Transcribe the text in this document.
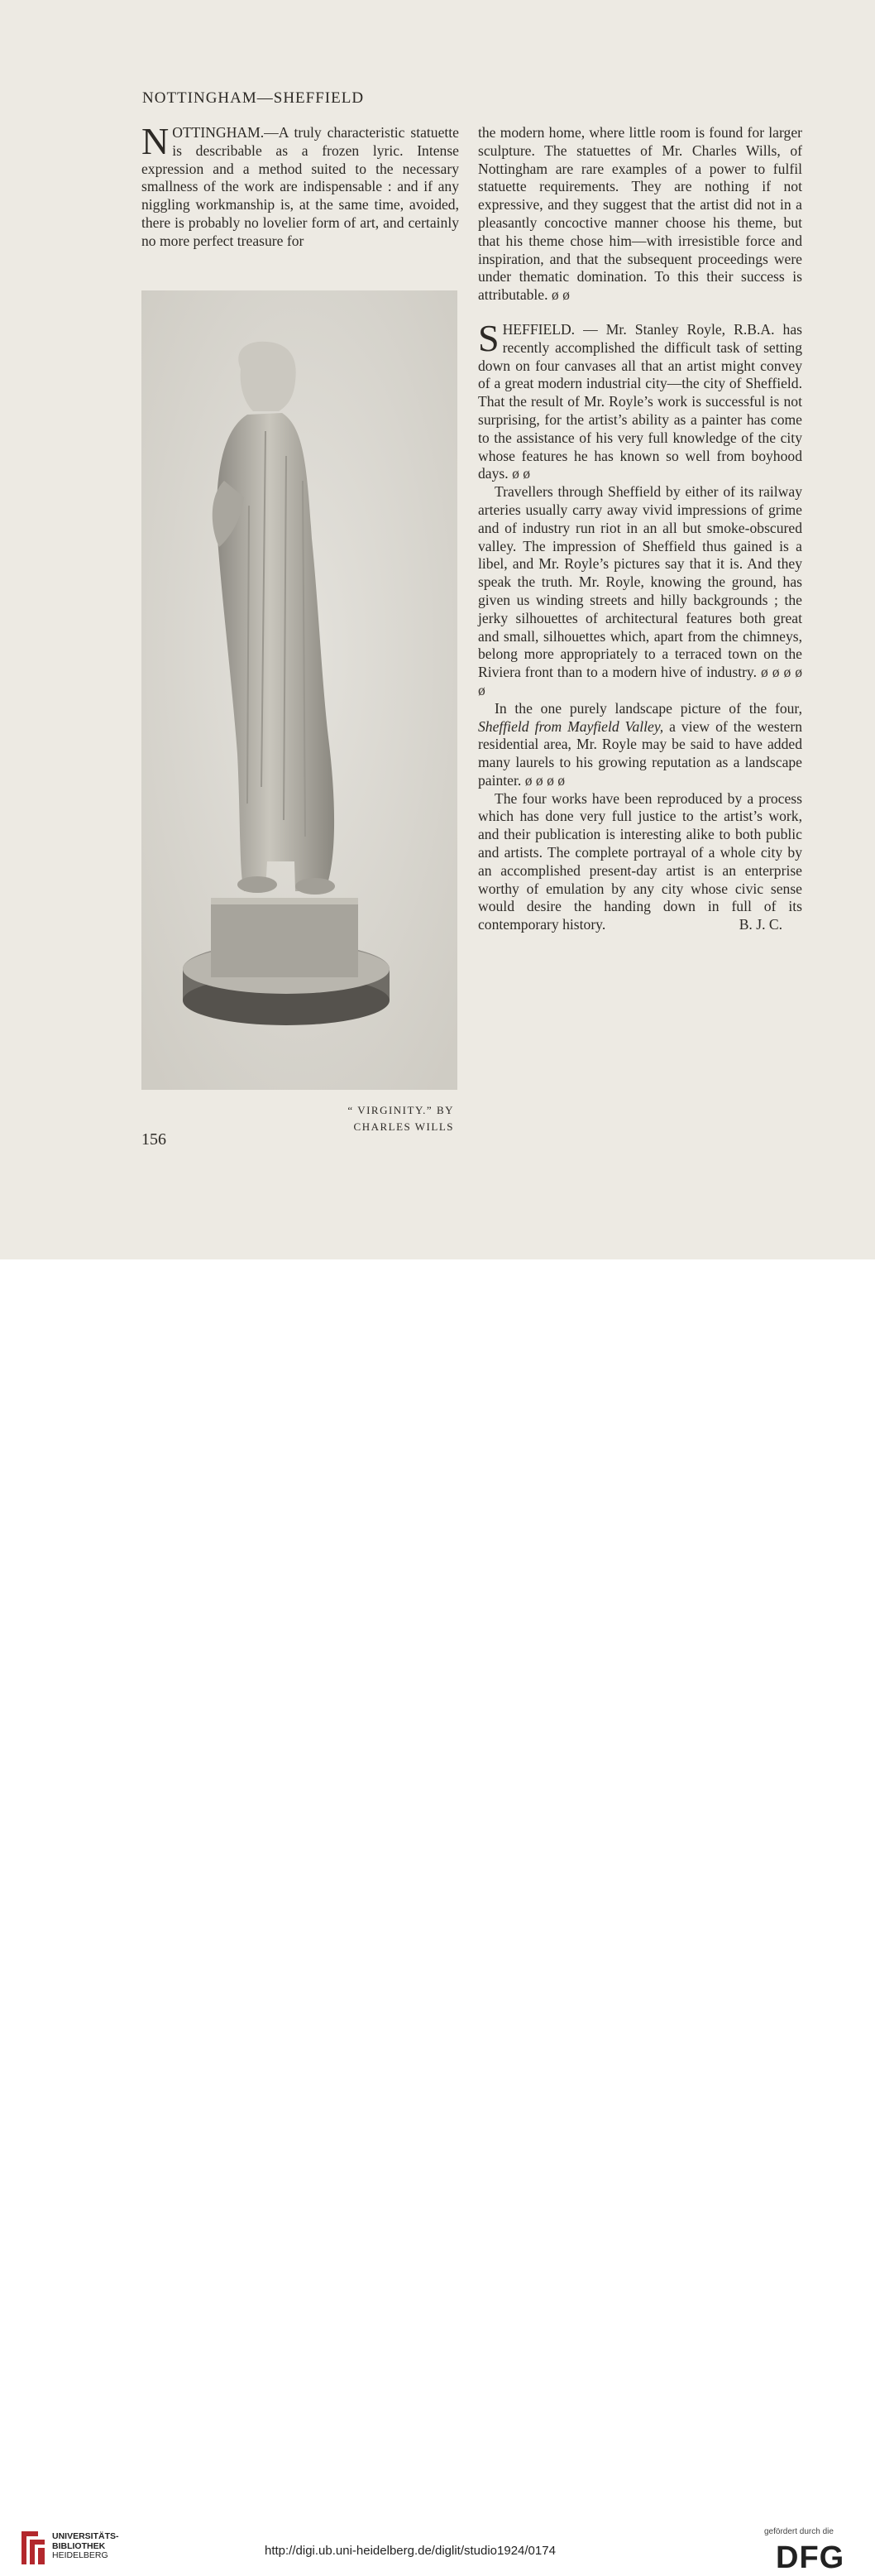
NOTTINGHAM—SHEFFIELD

NOTTINGHAM.—A truly characteristic statuette is describable as a frozen lyric. Intense expression and a method suited to the necessary smallness of the work are indispensable : and if any niggling workmanship is, at the same time, avoided, there is probably no lovelier form of art, and certainly no more perfect treasure for

“ VIRGINITY.” BY
CHARLES WILLS
156

the modern home, where little room is found for larger sculpture. The statuettes of Mr. Charles Wills, of Nottingham are rare examples of a power to fulfil statuette requirements. They are nothing if not expressive, and they suggest that the artist did not in a pleasantly concoctive manner choose his theme, but that his theme chose him—with irresistible force and inspiration, and that the subsequent proceedings were under thematic domination. To this their success is attributable. ø ø

SHEFFIELD. — Mr. Stanley Royle, R.B.A. has recently accomplished the difficult task of setting down on four canvases all that an artist might convey of a great modern industrial city—the city of Sheffield. That the result of Mr. Royle’s work is successful is not surprising, for the artist’s ability as a painter has come to the assistance of his very full knowledge of the city whose features he has known so well from boyhood days. ø ø

Travellers through Sheffield by either of its railway arteries usually carry away vivid impressions of grime and of industry run riot in an all but smoke-obscured valley. The impression of Sheffield thus gained is a libel, and Mr. Royle’s pictures say that it is. And they speak the truth. Mr. Royle, knowing the ground, has given us winding streets and hilly backgrounds ; the jerky silhouettes of architectural features both great and small, silhouettes which, apart from the chimneys, belong more appropriately to a terraced town on the Riviera front than to a modern hive of industry. ø ø ø ø ø

In the one purely landscape picture of the four, Sheffield from Mayfield Valley, a view of the western residential area, Mr. Royle may be said to have added many laurels to his growing reputation as a landscape painter. ø ø ø ø

The four works have been reproduced by a process which has done very full justice to the artist’s work, and their publication is interesting alike to both public and artists. The complete portrayal of a whole city by an accomplished present-day artist is an enterprise worthy of emulation by any city whose civic sense would desire the handing down in full of its contemporary history.	B. J. C.

UNIVERSITÄTS-
BIBLIOTHEK
HEIDELBERG	http://digi.ub.uni-heidelberg.de/diglit/studio1924/0174
gefördert durch die
DFG
